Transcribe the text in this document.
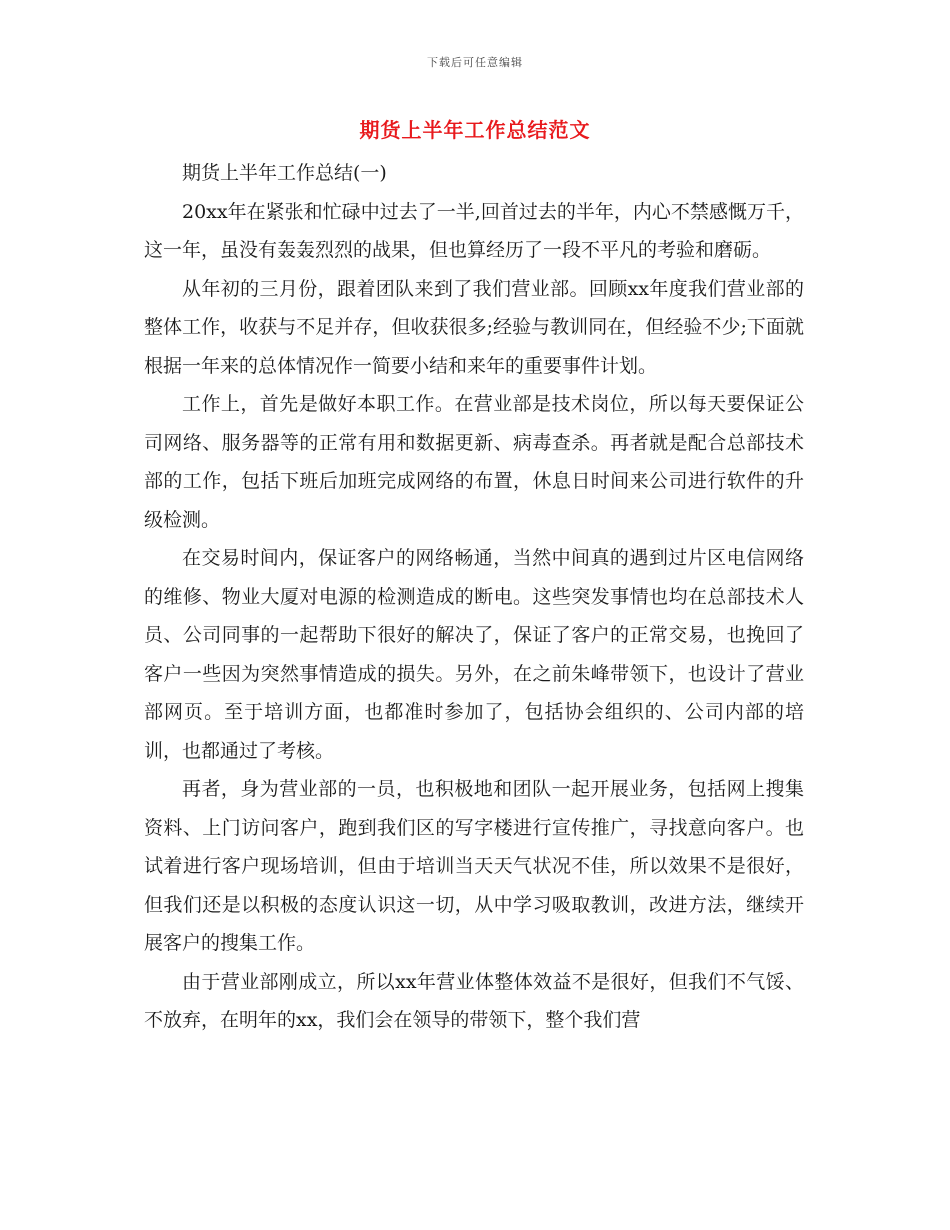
下载后可任意编辑
期货上半年工作总结范文

期货上半年工作总结(一)

20xx年在紧张和忙碌中过去了一半,回首过去的半年，内心不禁感慨万千，这一年，虽没有轰轰烈烈的战果，但也算经历了一段不平凡的考验和磨砺。

从年初的三月份，跟着团队来到了我们营业部。回顾xx年度我们营业部的整体工作，收获与不足并存，但收获很多;经验与教训同在，但经验不少;下面就根据一年来的总体情况作一简要小结和来年的重要事件计划。

工作上，首先是做好本职工作。在营业部是技术岗位，所以每天要保证公司网络、服务器等的正常有用和数据更新、病毒查杀。再者就是配合总部技术部的工作，包括下班后加班完成网络的布置，休息日时间来公司进行软件的升级检测。

在交易时间内，保证客户的网络畅通，当然中间真的遇到过片区电信网络的维修、物业大厦对电源的检测造成的断电。这些突发事情也均在总部技术人员、公司同事的一起帮助下很好的解决了，保证了客户的正常交易，也挽回了客户一些因为突然事情造成的损失。另外，在之前朱峰带领下，也设计了营业部网页。至于培训方面，也都准时参加了，包括协会组织的、公司内部的培训，也都通过了考核。

再者，身为营业部的一员，也积极地和团队一起开展业务，包括网上搜集资料、上门访问客户，跑到我们区的写字楼进行宣传推广，寻找意向客户。也试着进行客户现场培训，但由于培训当天天气状况不佳，所以效果不是很好，但我们还是以积极的态度认识这一切，从中学习吸取教训，改进方法，继续开展客户的搜集工作。

由于营业部刚成立，所以xx年营业体整体效益不是很好，但我们不气馁、不放弃，在明年的xx，我们会在领导的带领下，整个我们营
